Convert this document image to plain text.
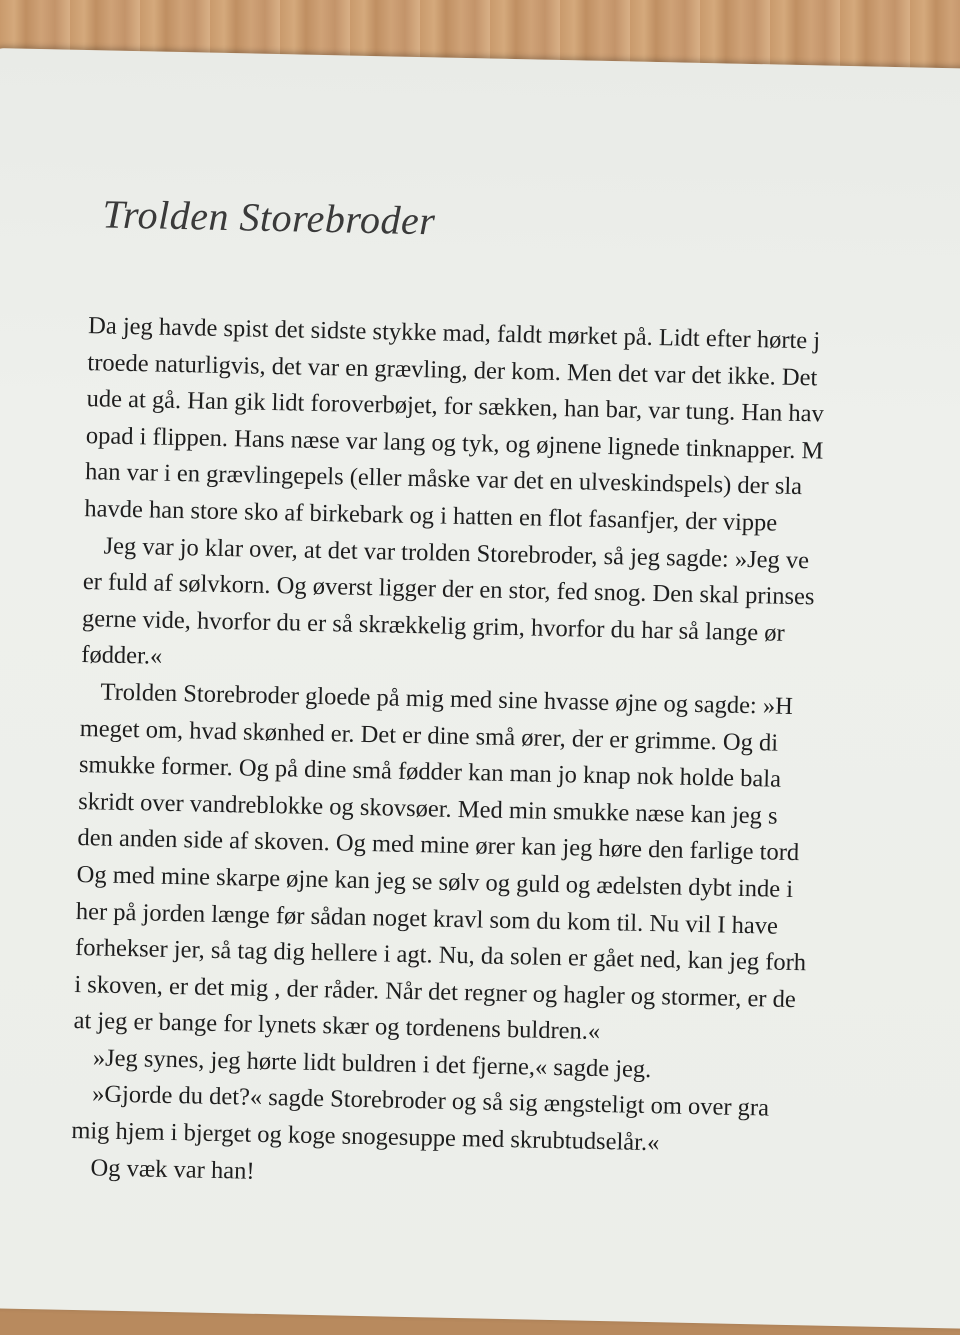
Trolden Storebroder
Da jeg havde spist det sidste stykke mad, faldt mørket på. Lidt efter hørte j
troede naturligvis, det var en grævling, der kom. Men det var det ikke. Det
ude at gå. Han gik lidt foroverbøjet, for sækken, han bar, var tung. Han hav
opad i flippen. Hans næse var lang og tyk, og øjnene lignede tinknapper. M
han var i en grævlingepels (eller måske var det en ulveskindspels) der sla
havde han store sko af birkebark og i hatten en flot fasanfjer, der vippe
Jeg var jo klar over, at det var trolden Storebroder, så jeg sagde: »Jeg ve
er fuld af sølvkorn. Og øverst ligger der en stor, fed snog. Den skal prinses
gerne vide, hvorfor du er så skrækkelig grim, hvorfor du har så lange ør
fødder.«
Trolden Storebroder gloede på mig med sine hvasse øjne og sagde: »H
meget om, hvad skønhed er. Det er dine små ører, der er grimme. Og di
smukke former. Og på dine små fødder kan man jo knap nok holde bala
skridt over vandreblokke og skovsøer. Med min smukke næse kan jeg s
den anden side af skoven. Og med mine ører kan jeg høre den farlige tord
Og med mine skarpe øjne kan jeg se sølv og guld og ædelsten dybt inde i
her på jorden længe før sådan noget kravl som du kom til. Nu vil I have
forhekser jer, så tag dig hellere i agt. Nu, da solen er gået ned, kan jeg forh
i skoven, er det mig , der råder. Når det regner og hagler og stormer, er de
at jeg er bange for lynets skær og tordenens buldren.«
»Jeg synes, jeg hørte lidt buldren i det fjerne,« sagde jeg.
»Gjorde du det?« sagde Storebroder og så sig ængsteligt om over gra
mig hjem i bjerget og koge snogesuppe med skrubtudselår.«
Og væk var han!
